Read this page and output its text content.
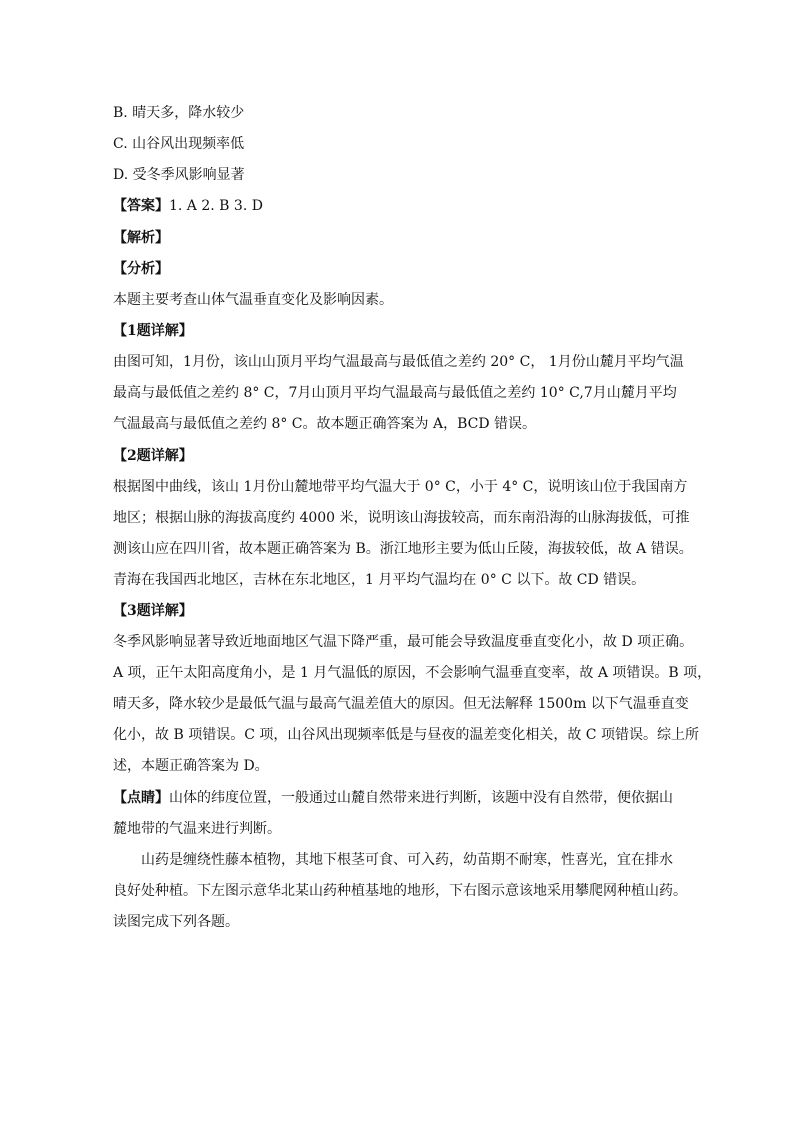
B. 晴天多，降水较少
C. 山谷风出现频率低
D. 受冬季风影响显著
【答案】1. A 2. B 3. D
【解析】
【分析】
本题主要考查山体气温垂直变化及影响因素。
【1题详解】
由图可知，1月份，该山山顶月平均气温最高与最低值之差约 20° C， 1月份山麓月平均气温
最高与最低值之差约 8° C，7月山顶月平均气温最高与最低值之差约 10° C,7月山麓月平均
气温最高与最低值之差约 8° C。故本题正确答案为 A，BCD 错误。
【2题详解】
根据图中曲线，该山 1月份山麓地带平均气温大于 0° C，小于 4° C，说明该山位于我国南方
地区；根据山脉的海拔高度约 4000 米，说明该山海拔较高，而东南沿海的山脉海拔低，可推
测该山应在四川省，故本题正确答案为 B。浙江地形主要为低山丘陵，海拔较低，故 A 错误。
青海在我国西北地区，吉林在东北地区，1 月平均气温均在 0° C 以下。故 CD 错误。
【3题详解】
冬季风影响显著导致近地面地区气温下降严重，最可能会导致温度垂直变化小，故 D 项正确。
A 项，正午太阳高度角小，是 1 月气温低的原因，不会影响气温垂直变率，故 A 项错误。B 项，
晴天多，降水较少是最低气温与最高气温差值大的原因。但无法解释 1500m 以下气温垂直变
化小，故 B 项错误。C 项，山谷风出现频率低是与昼夜的温差变化相关，故 C 项错误。综上所
述，本题正确答案为 D。
【点睛】山体的纬度位置，一般通过山麓自然带来进行判断，该题中没有自然带，便依据山
麓地带的气温来进行判断。
山药是缠绕性藤本植物，其地下根茎可食、可入药，幼苗期不耐寒，性喜光，宜在排水
良好处种植。下左图示意华北某山药种植基地的地形，下右图示意该地采用攀爬网种植山药。
读图完成下列各题。
